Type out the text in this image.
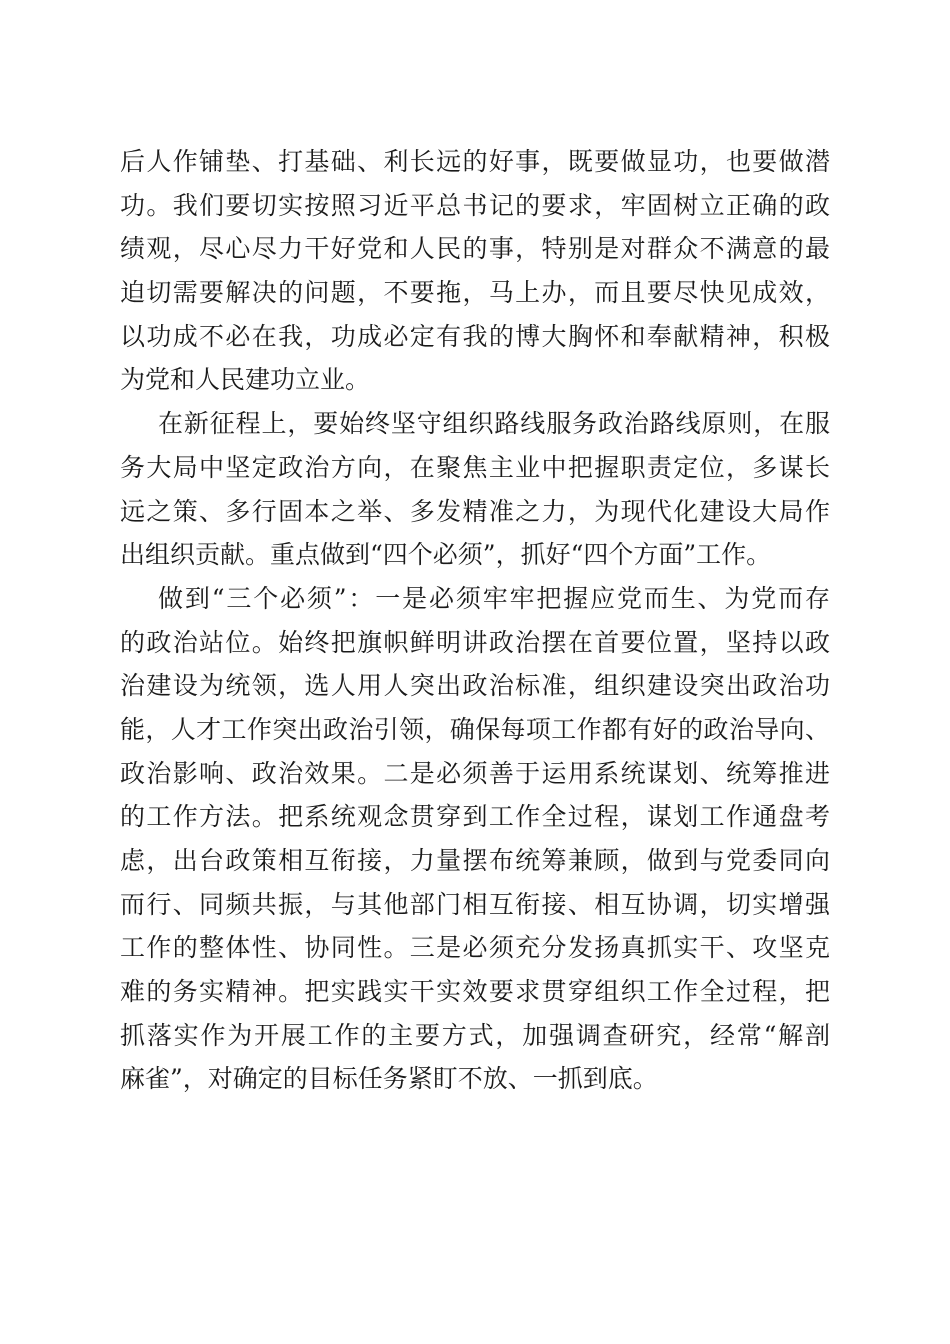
后人作铺垫、打基础、利长远的好事，既要做显功，也要做潜
功。我们要切实按照习近平总书记的要求，牢固树立正确的政
绩观，尽心尽力干好党和人民的事，特别是对群众不满意的最
迫切需要解决的问题，不要拖，马上办，而且要尽快见成效，
以功成不必在我，功成必定有我的博大胸怀和奉献精神，积极
为党和人民建功立业。
在新征程上，要始终坚守组织路线服务政治路线原则，在服
务大局中坚定政治方向，在聚焦主业中把握职责定位，多谋长
远之策、多行固本之举、多发精准之力，为现代化建设大局作
出组织贡献。重点做到“四个必须”，抓好“四个方面”工作。
做到“三个必须”：一是必须牢牢把握应党而生、为党而存
的政治站位。始终把旗帜鲜明讲政治摆在首要位置，坚持以政
治建设为统领，选人用人突出政治标准，组织建设突出政治功
能，人才工作突出政治引领，确保每项工作都有好的政治导向、
政治影响、政治效果。二是必须善于运用系统谋划、统筹推进
的工作方法。把系统观念贯穿到工作全过程，谋划工作通盘考
虑，出台政策相互衔接，力量摆布统筹兼顾，做到与党委同向
而行、同频共振，与其他部门相互衔接、相互协调，切实增强
工作的整体性、协同性。三是必须充分发扬真抓实干、攻坚克
难的务实精神。把实践实干实效要求贯穿组织工作全过程，把
抓落实作为开展工作的主要方式，加强调查研究，经常“解剖
麻雀”，对确定的目标任务紧盯不放、一抓到底。
